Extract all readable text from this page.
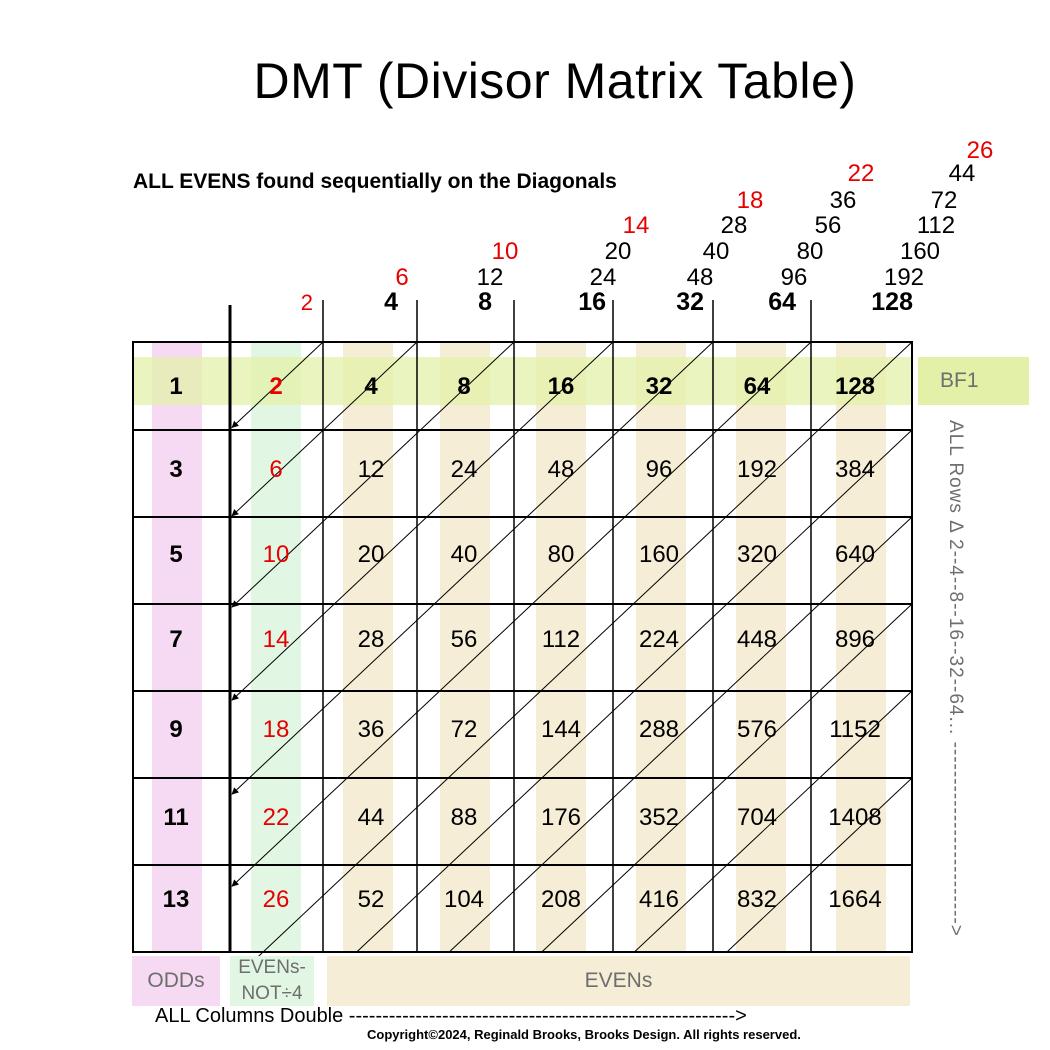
DMT (Divisor Matrix Table)
ALL EVENS found sequentially on the Diagonals
2	4	8	16	32	64	128
6
10
12
14
20
24
18
28
40
48
22
36
56
80
96
26
44
72
112
160
192
1	2	4	8	16	32	64	128
3	6	12	24	48	96	192 384
5	10	20	40	80	160 320 640
7	14	28	56	112 224 448 896
9	18	36	72	144 288 576 1152
11	22	44	88	176 352 704 1408
13	26	52 104 208 416 832 1664
BF1
ODDs
EVENs-
NOT÷4
EVENs
ALL Columns Double ---------------------------------------------------------->
Copyright©2024, Reginald Brooks, Brooks Design. All rights reserved.
ALL Rows Δ 2--4--8--16--32--64... ------------------------->
